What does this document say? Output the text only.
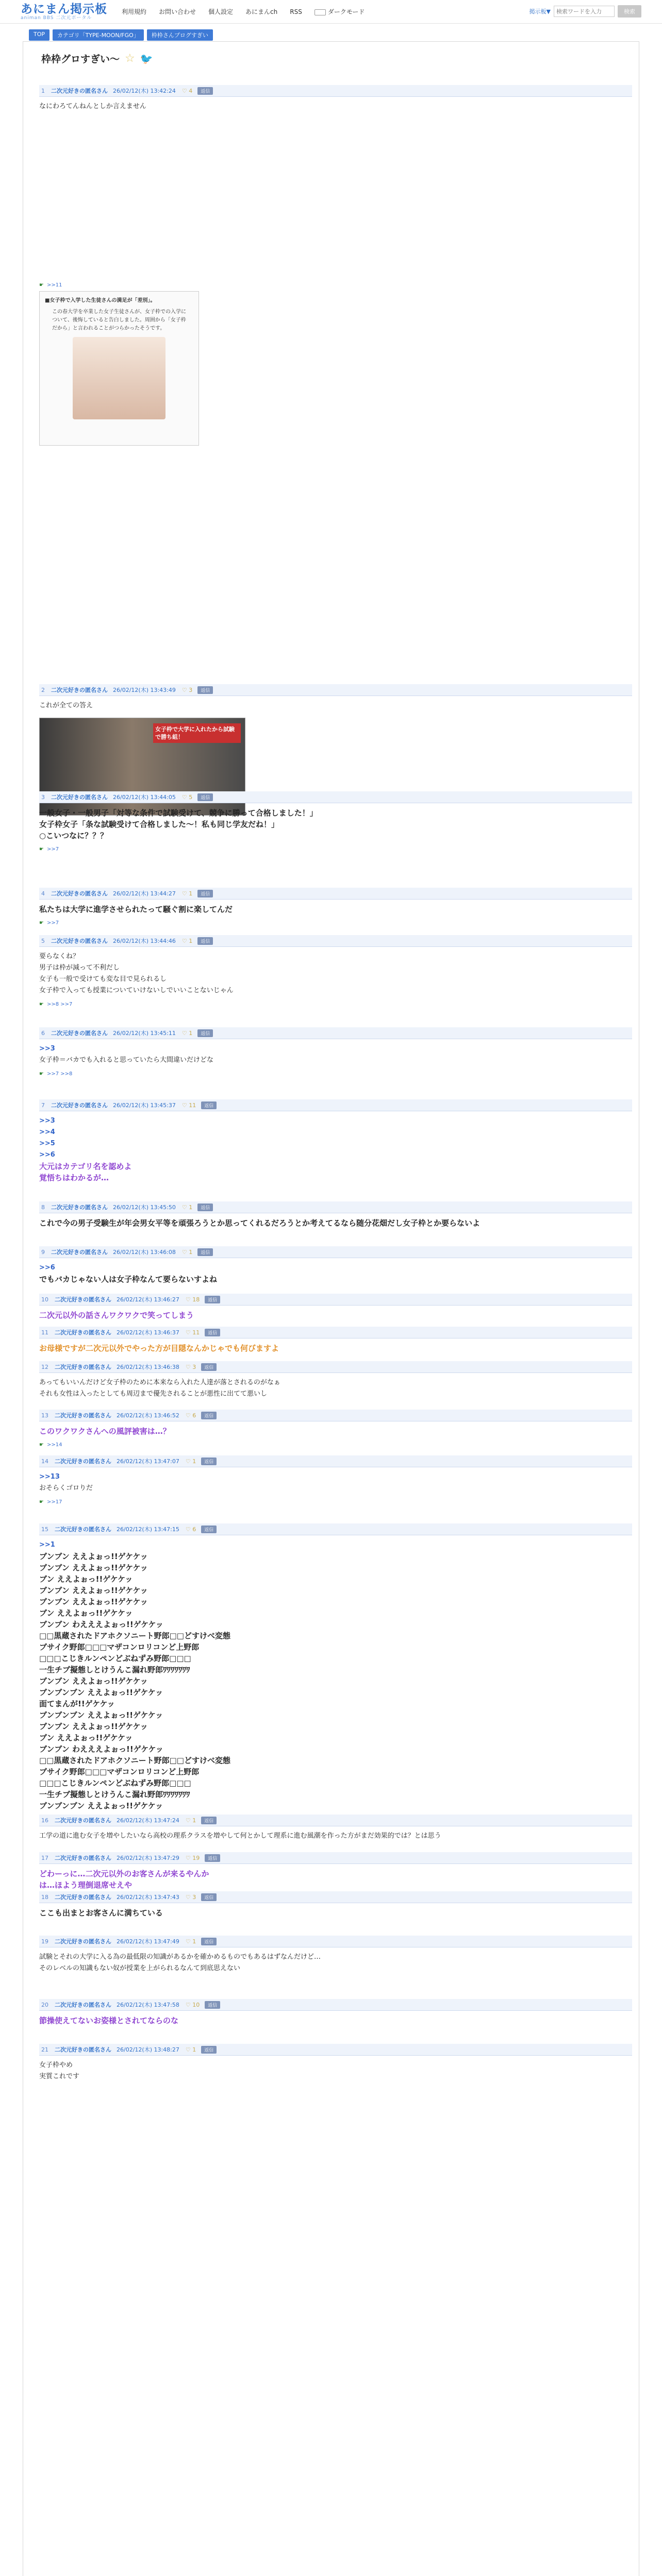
あにまん掲示板
animan BBS 二次元ポータル
利用規約 お問い合わせ 個人設定 あにまんch RSS	ダークモード	掲示板▼
検索ワードを入力	検索
TOP	カテゴリ「TYPE-MOON/FGO」	枠枠さんプログすぎい
枠枠グロすぎい～ ☆ 🐦
1 二次元好きの匿名さん 26/02/12(木) 13:42:24 ♡ 4	返信
なにわろてんねんとしか言えません
■女子枠で入学した生徒さんの満足が「差別」。
この春大学を卒業した女子生徒さんが、女子枠での入学について、後悔していると告白しました。周囲から「女子枠だから」と言われることがつらかったそうです。
☛ >>11
2 二次元好きの匿名さん 26/02/12(木) 13:43:49 ♡ 3	返信
これが全ての答え
女子枠で大学に入れたから試験で勝ち組！
3 二次元好きの匿名さん 26/02/12(木) 13:44:05 ♡ 5	返信
一般女子・一般男子「対等な条件で試験受けて、競争に勝って合格しました！」
女子枠女子「条な試験受けて合格しました～！私も同じ学友だね！」
○こいつなに？？？
☛ >>7
4 二次元好きの匿名さん 26/02/12(木) 13:44:27 ♡ 1	返信
私たちは大学に進学させられたって騒ぐ割に楽してんだ
☛ >>7
5 二次元好きの匿名さん 26/02/12(木) 13:44:46 ♡ 1	返信
要らなくね？
男子は枠が減って不利だし
女子も一般で受けても変な目で見られるし
女子枠で入っても授業についていけないしでいいことないじゃん
☛ >>8 >>7
6 二次元好きの匿名さん 26/02/12(木) 13:45:11 ♡ 1	返信
>>3
女子枠＝バカでも入れると思っていたら大間違いだけどな
☛ >>7 >>8
7 二次元好きの匿名さん 26/02/12(木) 13:45:37 ♡ 11	返信
>>3
>>4
>>5
>>6
大元はカテゴリ名を認めよ
覚悟ちはわかるが…
8 二次元好きの匿名さん 26/02/12(木) 13:45:50 ♡ 1	返信
これで今の男子受験生が年会男女平等を頑張ろうとか思ってくれるだろうとか考えてるなら随分花畑だし女子枠とか要らないよ
9 二次元好きの匿名さん 26/02/12(木) 13:46:08 ♡ 1	返信
>>6
でもバカじゃない人は女子枠なんて要らないすよね
10 二次元好きの匿名さん 26/02/12(木) 13:46:27 ♡ 18	返信
二次元以外の話さんワクワクで笑ってしまう
11 二次元好きの匿名さん 26/02/12(木) 13:46:37 ♡ 11	返信
お母様ですが二次元以外でやった方が目隠なんかじゃでも何びますよ
12 二次元好きの匿名さん 26/02/12(木) 13:46:38 ♡ 3	返信
あってもいいんだけど女子枠のために本来なら入れた人達が落とされるのがなぁ
それも女性は入ったとしても周辺まで優先されることが悪性に出てて悪いし
13 二次元好きの匿名さん 26/02/12(木) 13:46:52 ♡ 6	返信
このワクワクさんへの風評被害は…？
☛ >>14
14 二次元好きの匿名さん 26/02/12(木) 13:47:07 ♡ 1	返信
>>13
おそらくゴロりだ
☛ >>17
15 二次元好きの匿名さん 26/02/12(木) 13:47:15 ♡ 6	返信
>>1
ブンブン ええよぉっ!!ゲケケッ
ブンブン ええよぉっ!!ゲケケッ
ブン ええよぉっ!!ゲケケッ
ブンブン ええよぉっ!!ゲケケッ
ブンブン ええよぉっ!!ゲケケッ
ブン ええよぉっ!!ゲケケッ
ブンブン わえええよぉっ!!ゲケケッ
□□黒蔵されたドアホクソニート野郎□□どすけべ変態
ブサイク野郎□□□マザコンロリコンど上野郎
□□□こじきルンペンどぶねずみ野郎□□□
一生チブ擬態しとけうんこ漏れ野郎ﾜﾜﾜﾜﾜﾜﾜ
ブンブン ええよぉっ!!ゲケケッ
ブンブンブン ええよぉっ!!ゲケケッ
面てまんが!!ゲケケッ
ブンブンブン ええよぉっ!!ゲケケッ
ブンブン ええよぉっ!!ゲケケッ
ブン ええよぉっ!!ゲケケッ
ブンブン わえええよぉっ!!ゲケケッ
□□黒蔵されたドアホクソニート野郎□□どすけべ変態
ブサイク野郎□□□マザコンロリコンど上野郎
□□□こじきルンペンどぶねずみ野郎□□□
一生チブ擬態しとけうんこ漏れ野郎ﾜﾜﾜﾜﾜﾜﾜ
ブンブンブン ええよぉっ!!ゲケケッ
16 二次元好きの匿名さん 26/02/12(木) 13:47:24 ♡ 1	返信
工学の道に進む女子を増やしたいなら高校の理系クラスを増やして何とかして理系に進む風潮を作った方がまだ効果的では？とは思う
17 二次元好きの匿名さん 26/02/12(木) 13:47:29 ♡ 19	返信
どわーっに…二次元以外のお客さんが来るやんか
は…ほよう理倒退席せえや
18 二次元好きの匿名さん 26/02/12(木) 13:47:43 ♡ 3	返信
ここも出まとお客さんに満ちている
19 二次元好きの匿名さん 26/02/12(木) 13:47:49 ♡ 1	返信
試験とそれの大学に入る為の最低限の知識があるかを確かめるものでもあるはずなんだけど…
そのレベルの知識もない奴が授業を上がられるなんて到底思えない
20 二次元好きの匿名さん 26/02/12(木) 13:47:58 ♡ 10	返信
節操使えてないお姿様とされてならのな
21 二次元好きの匿名さん 26/02/12(木) 13:48:27 ♡ 1	返信
女子枠やめ
実質これです
